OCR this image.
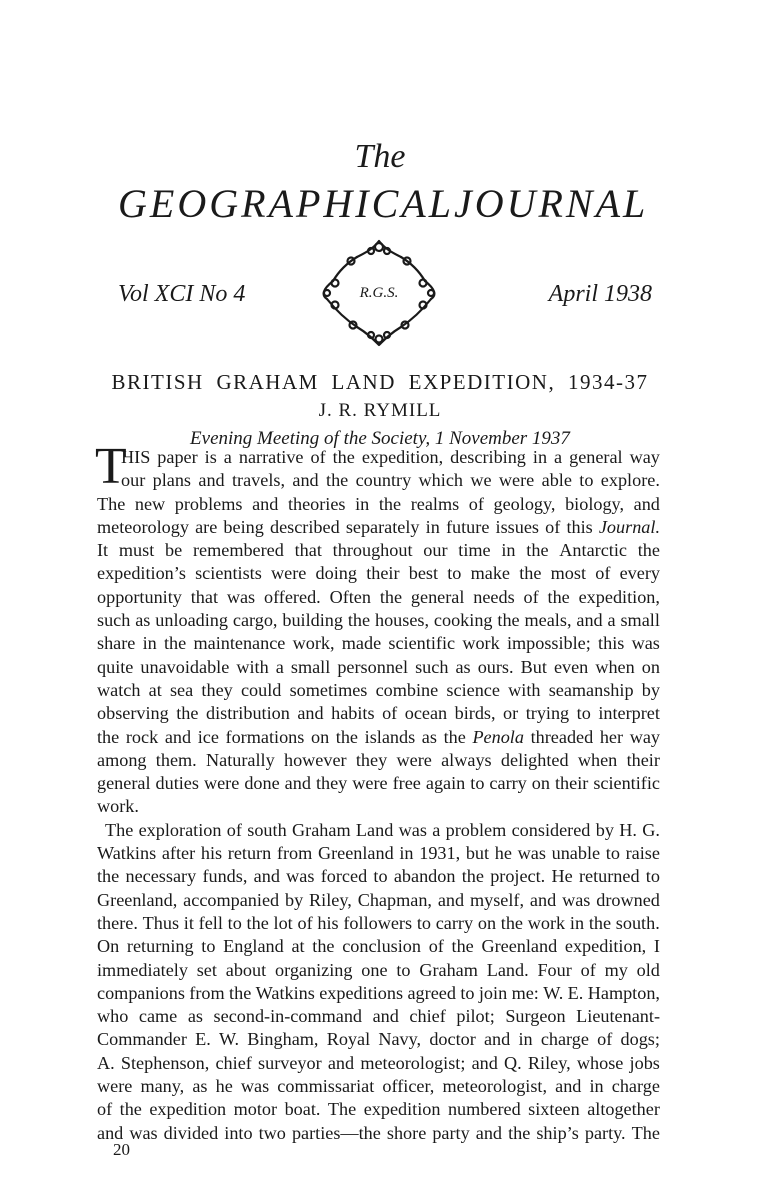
The
GEOGRAPHICAL JOURNAL
Vol XCI No 4	R.G.S.	April 1938
BRITISH GRAHAM LAND EXPEDITION, 1934-37
J. R. RYMILL
Evening Meeting of the Society, 1 November 1937
T
HIS paper is a narrative of the expedition, describing in a general way
our plans and travels, and the country which we were able to explore.
The new problems and theories in the realms of geology, biology, and
meteorology are being described separately in future issues of this Journal.
It must be remembered that throughout our time in the Antarctic the
expedition’s scientists were doing their best to make the most of every
opportunity that was offered. Often the general needs of the expedition,
such as unloading cargo, building the houses, cooking the meals, and a small
share in the maintenance work, made scientific work impossible; this was
quite unavoidable with a small personnel such as ours. But even when on
watch at sea they could sometimes combine science with seamanship by
observing the distribution and habits of ocean birds, or trying to interpret
the rock and ice formations on the islands as the Penola threaded her way
among them. Naturally however they were always delighted when their
general duties were done and they were free again to carry on their scientific
work.
The exploration of south Graham Land was a problem considered by H. G.
Watkins after his return from Greenland in 1931, but he was unable to raise
the necessary funds, and was forced to abandon the project. He returned to
Greenland, accompanied by Riley, Chapman, and myself, and was drowned
there. Thus it fell to the lot of his followers to carry on the work in the south.
On returning to England at the conclusion of the Greenland expedition, I
immediately set about organizing one to Graham Land. Four of my old
companions from the Watkins expeditions agreed to join me: W. E. Hampton,
who came as second-in-command and chief pilot; Surgeon Lieutenant-
Commander E. W. Bingham, Royal Navy, doctor and in charge of dogs;
A. Stephenson, chief surveyor and meteorologist; and Q. Riley, whose jobs
were many, as he was commissariat officer, meteorologist, and in charge
of the expedition motor boat. The expedition numbered sixteen altogether
and was divided into two parties—the shore party and the ship’s party. The
20
